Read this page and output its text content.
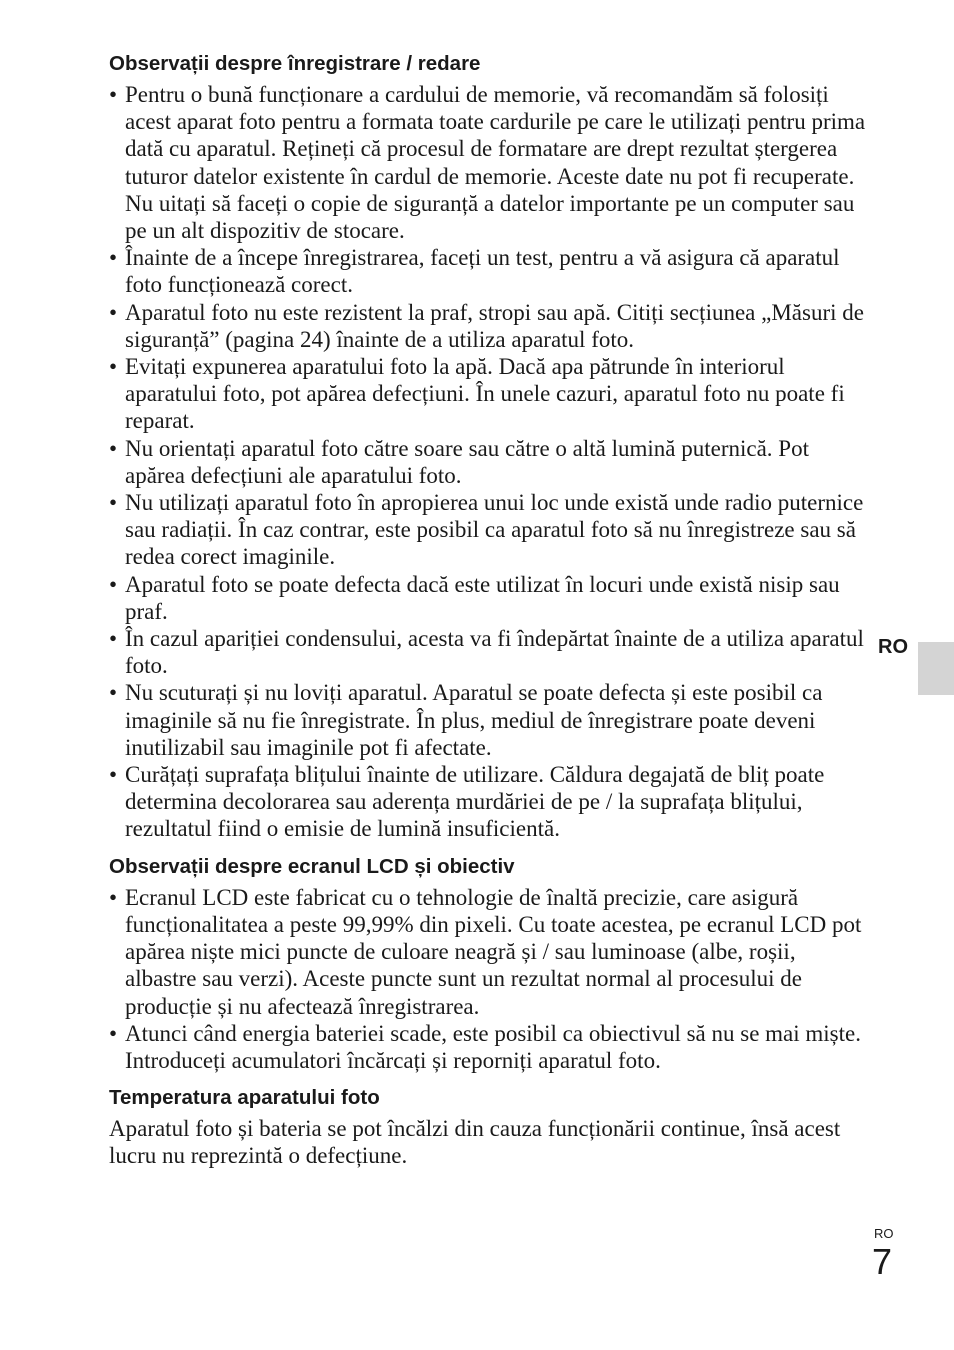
Observații despre înregistrare / redare
• Pentru o bună funcționare a cardului de memorie, vă recomandăm să folosiți acest aparat foto pentru a formata toate cardurile pe care le utilizați pentru prima dată cu aparatul. Rețineți că procesul de formatare are drept rezultat ștergerea tuturor datelor existente în cardul de memorie. Aceste date nu pot fi recuperate. Nu uitați să faceți o copie de siguranță a datelor importante pe un computer sau pe un alt dispozitiv de stocare.
• Înainte de a începe înregistrarea, faceți un test, pentru a vă asigura că aparatul foto funcționează corect.
• Aparatul foto nu este rezistent la praf, stropi sau apă. Citiți secțiunea „Măsuri de siguranță” (pagina 24) înainte de a utiliza aparatul foto.
• Evitați expunerea aparatului foto la apă. Dacă apa pătrunde în interiorul aparatului foto, pot apărea defecțiuni. În unele cazuri, aparatul foto nu poate fi reparat.
• Nu orientați aparatul foto către soare sau către o altă lumină puternică. Pot apărea defecțiuni ale aparatului foto.
• Nu utilizați aparatul foto în apropierea unui loc unde există unde radio puternice sau radiații. În caz contrar, este posibil ca aparatul foto să nu înregistreze sau să redea corect imaginile.
• Aparatul foto se poate defecta dacă este utilizat în locuri unde există nisip sau praf.
• În cazul apariției condensului, acesta va fi îndepărtat înainte de a utiliza aparatul foto.
• Nu scuturați și nu loviți aparatul. Aparatul se poate defecta și este posibil ca imaginile să nu fie înregistrate. În plus, mediul de înregistrare poate deveni inutilizabil sau imaginile pot fi afectate.
• Curățați suprafața blițului înainte de utilizare. Căldura degajată de bliț poate determina decolorarea sau aderența murdăriei de pe / la suprafața blițului, rezultatul fiind o emisie de lumină insuficientă.
Observații despre ecranul LCD și obiectiv
• Ecranul LCD este fabricat cu o tehnologie de înaltă precizie, care asigură funcționalitatea a peste 99,99% din pixeli. Cu toate acestea, pe ecranul LCD pot apărea niște mici puncte de culoare neagră și / sau luminoase (albe, roșii, albastre sau verzi). Aceste puncte sunt un rezultat normal al procesului de producție și nu afectează înregistrarea.
• Atunci când energia bateriei scade, este posibil ca obiectivul să nu se mai miște. Introduceți acumulatori încărcați și reporniți aparatul foto.
Temperatura aparatului foto

Aparatul foto și bateria se pot încălzi din cauza funcționării continue, însă acest lucru nu reprezintă o defecțiune.

RO
RO
7
